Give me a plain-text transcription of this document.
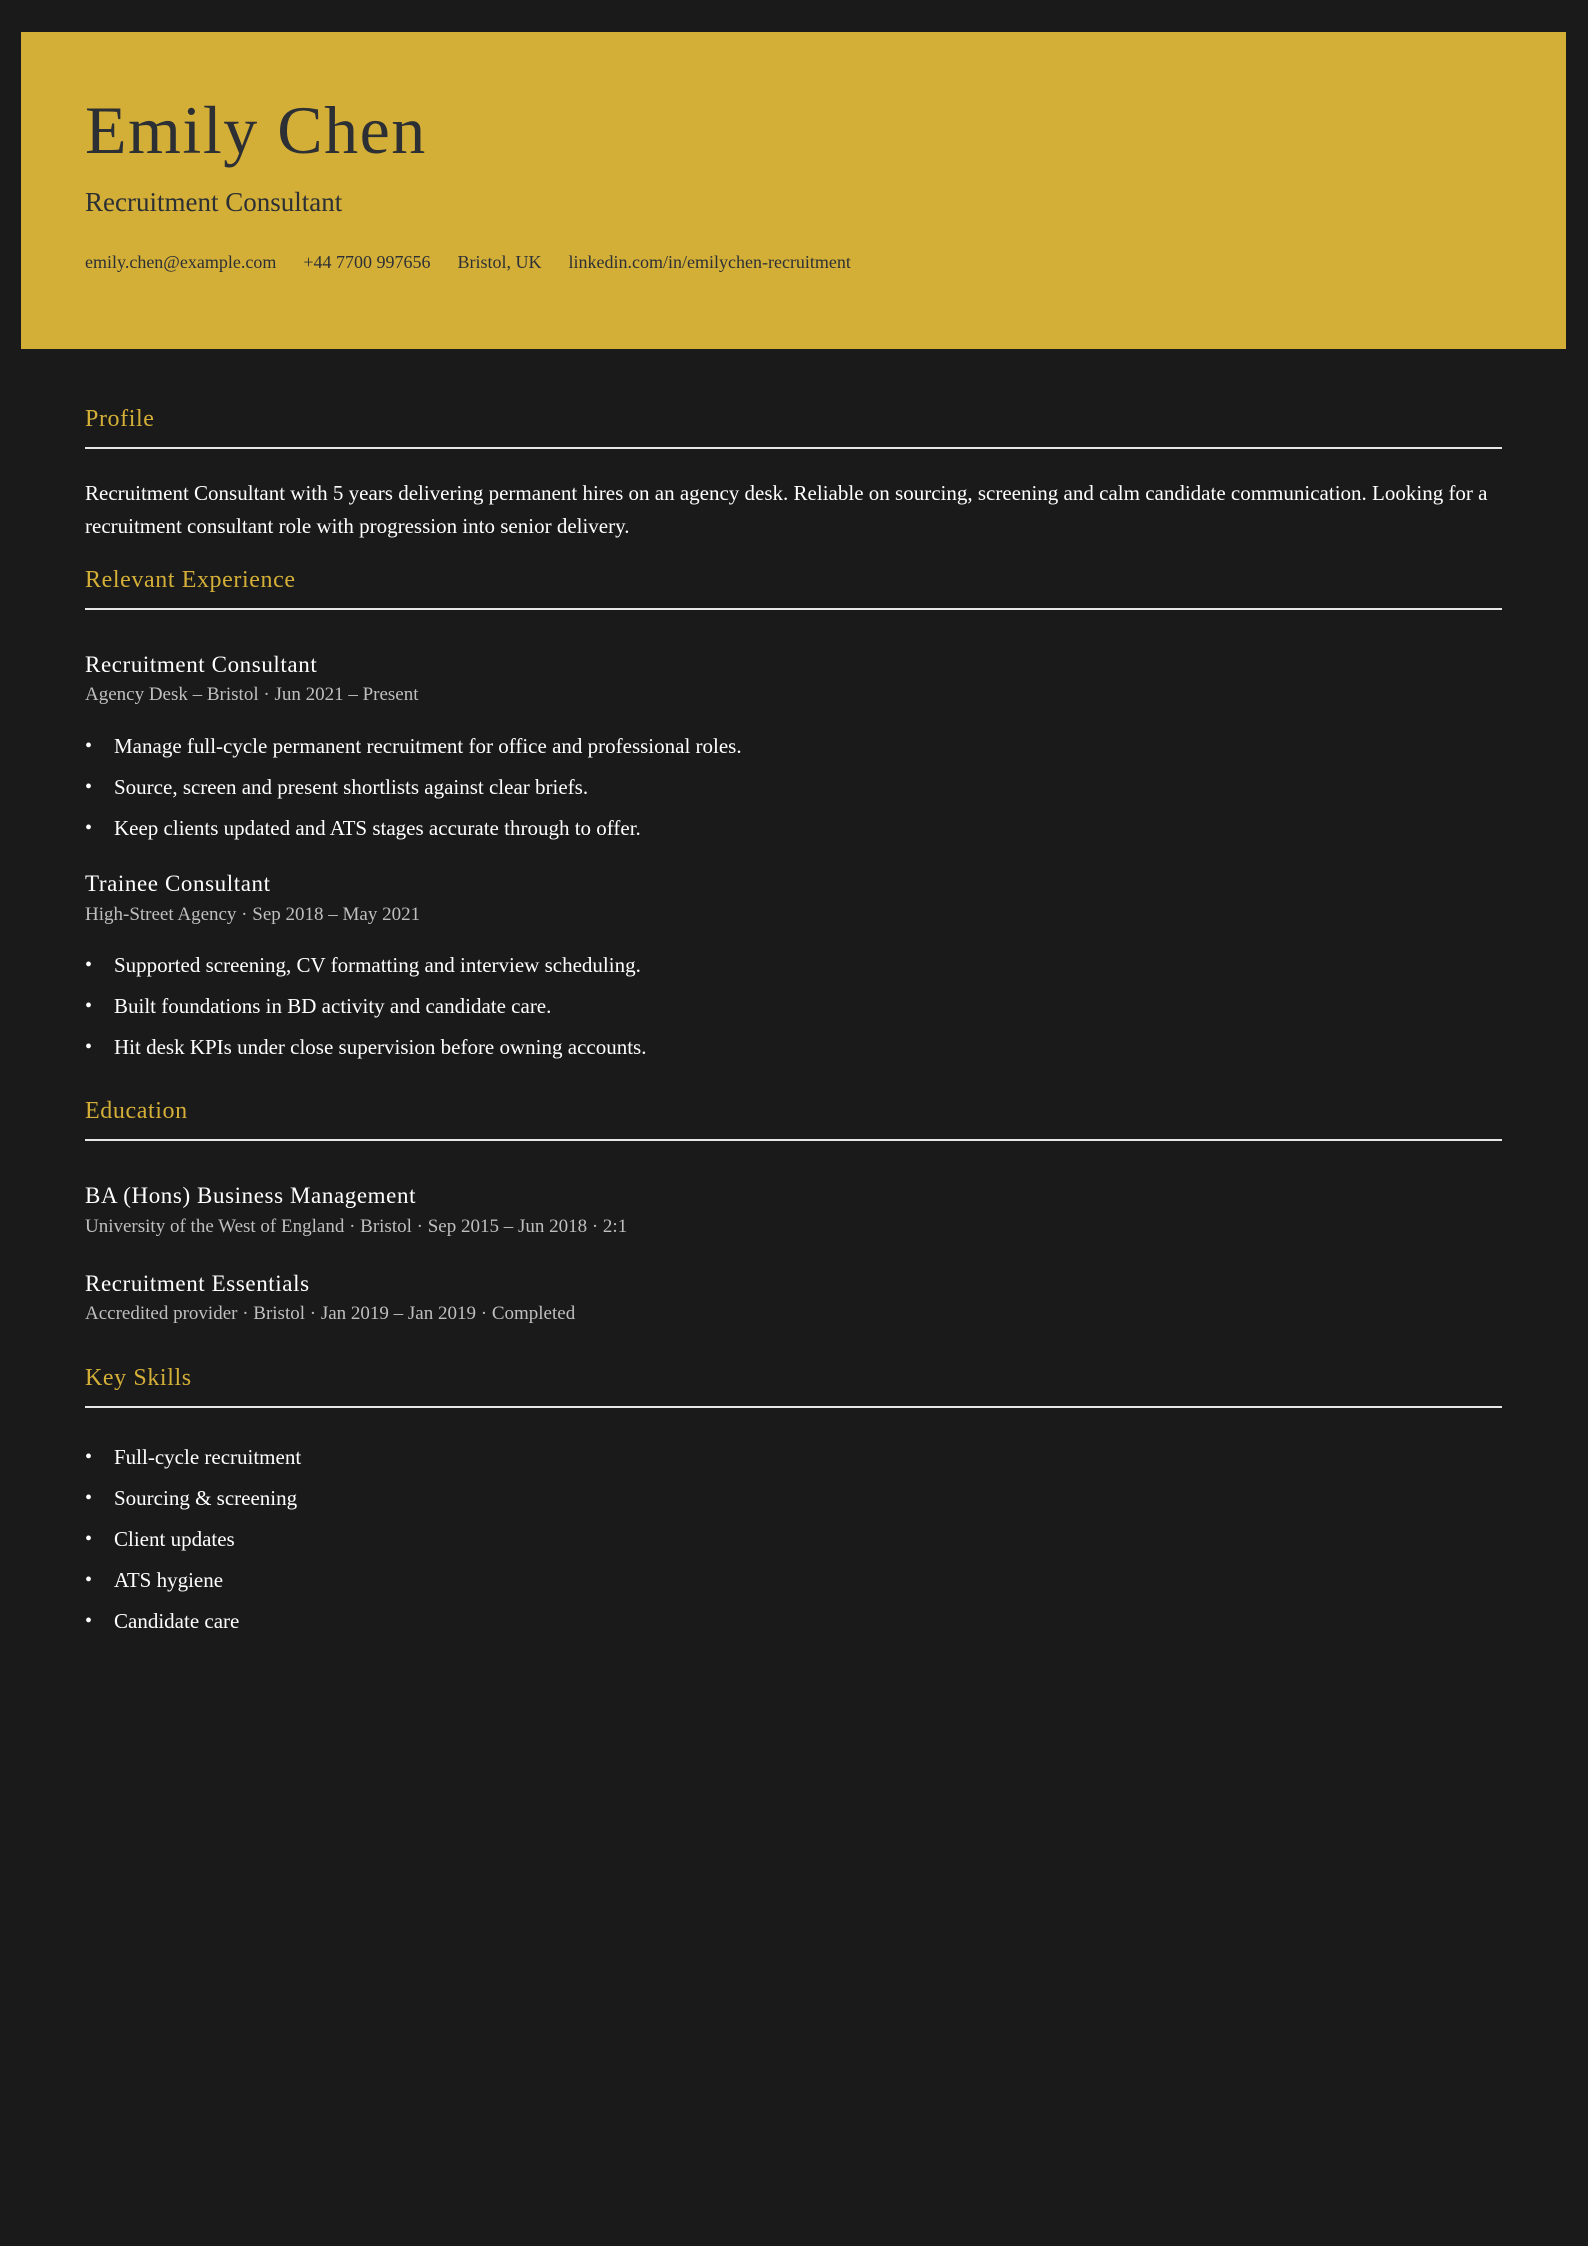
Emily Chen
Recruitment Consultant
emily.chen@example.com +44 7700 997656 Bristol, UK linkedin.com/in/emilychen-recruitment
Profile

Recruitment Consultant with 5 years delivering permanent hires on an agency desk. Reliable on sourcing, screening and calm candidate communication. Looking for a recruitment consultant role with progression into senior delivery.

Relevant Experience
Recruitment Consultant

Agency Desk – Bristol · Jun 2021 – Present

• Manage full-cycle permanent recruitment for office and professional roles.
• Source, screen and present shortlists against clear briefs.
• Keep clients updated and ATS stages accurate through to offer.
Trainee Consultant

High-Street Agency · Sep 2018 – May 2021

• Supported screening, CV formatting and interview scheduling.
• Built foundations in BD activity and candidate care.
• Hit desk KPIs under close supervision before owning accounts.
Education
BA (Hons) Business Management

University of the West of England · Bristol · Sep 2015 – Jun 2018 · 2:1

Recruitment Essentials

Accredited provider · Bristol · Jan 2019 – Jan 2019 · Completed

Key Skills
• Full-cycle recruitment
• Sourcing & screening
• Client updates
• ATS hygiene
• Candidate care
